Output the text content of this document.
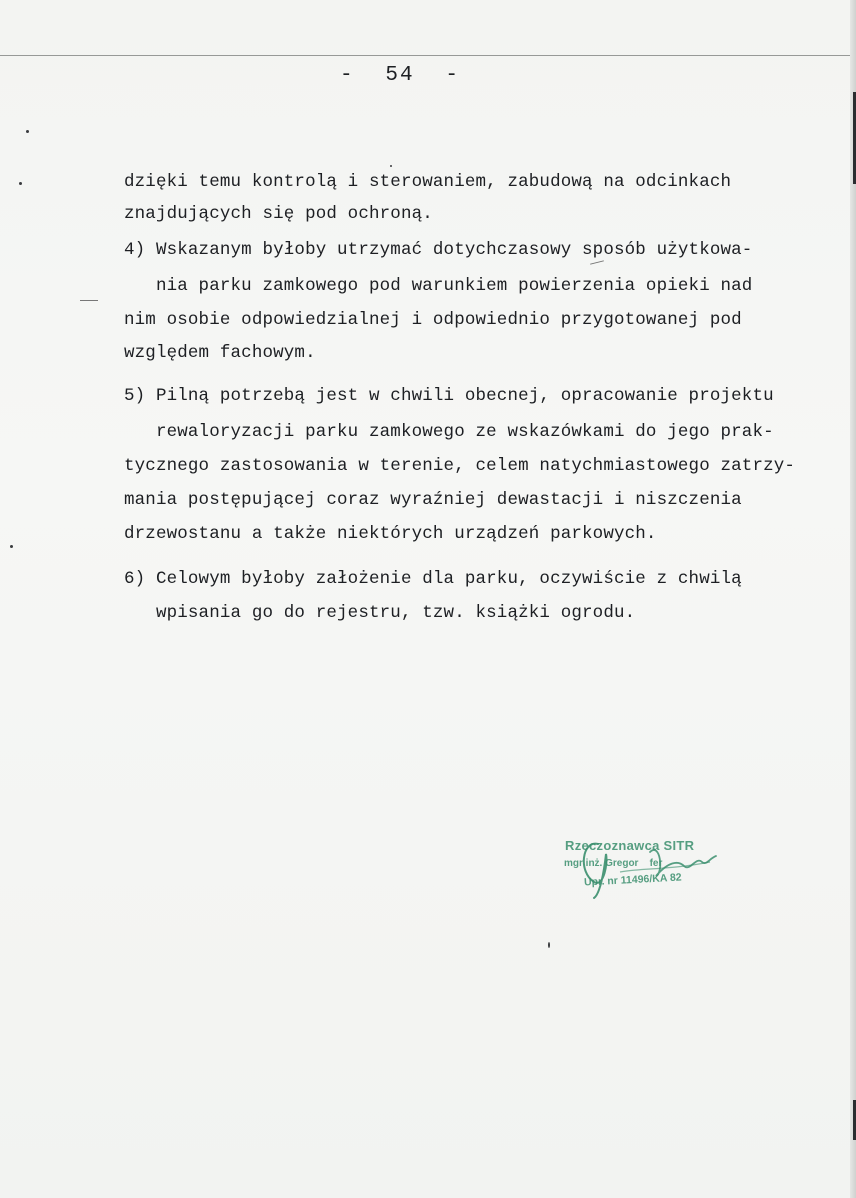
- 54 -
dzięki temu kontrolą i sterowaniem, zabudową na odcinkach
znajdujących się pod ochroną.
4) Wskazanym byłoby utrzymać dotychczasowy sposób użytkowa-
nia parku zamkowego pod warunkiem powierzenia opieki nad
nim osobie odpowiedzialnej i odpowiednio przygotowanej pod
względem fachowym.
5) Pilną potrzebą jest w chwili obecnej, opracowanie projektu
rewaloryzacji parku zamkowego ze wskazówkami do jego prak-
tycznego zastosowania w terenie, celem natychmiastowego zatrzy-
mania postępującej coraz wyraźniej dewastacji i niszczenia
drzewostanu a także niektórych urządzeń parkowych.
6) Celowym byłoby założenie dla parku, oczywiście z chwilą
wpisania go do rejestru, tzw. książki ogrodu.
Rzeczoznawca SITR
mgr inż. Gregor    fer
Upr. nr 11496/KA 82
